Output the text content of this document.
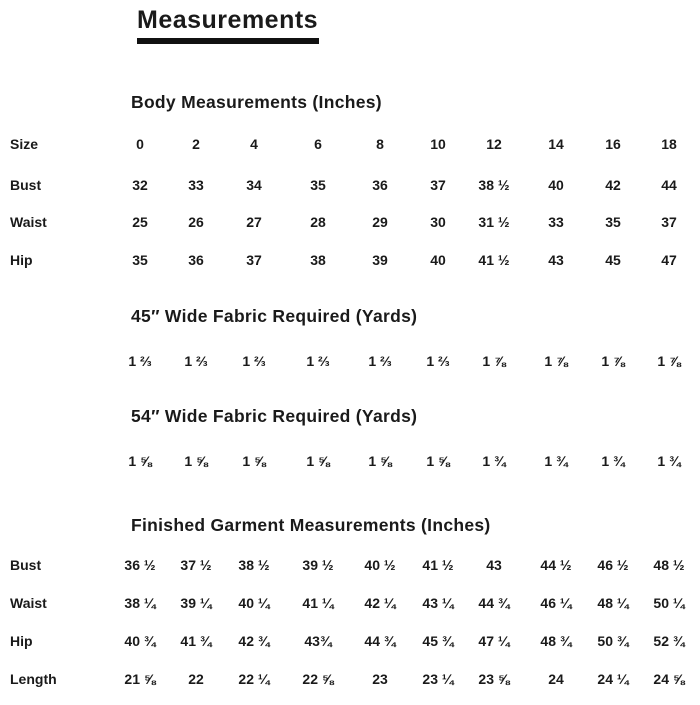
Measurements
Body Measurements (Inches)
Size	0	2	4	6	8	10	12	14	16	18
Bust	32	33	34	35	36	37	38 ½	40	42	44
Waist	25	26	27	28	29	30	31 ½	33	35	37
Hip	35	36	37	38	39	40	41 ½	43	45	47
45″ Wide Fabric Required (Yards)
1 ⅔	1 ⅔	1 ⅔	1 ⅔	1 ⅔	1 ⅔	1 ⅞	1 ⅞	1 ⅞	1 ⅞
54″ Wide Fabric Required (Yards)
1 ⅝	1 ⅝	1 ⅝	1 ⅝	1 ⅝	1 ⅝	1 ¾	1 ¾	1 ¾	1 ¾
Finished Garment Measurements (Inches)
Bust	36 ½	37 ½	38 ½	39 ½	40 ½	41 ½	43	44 ½	46 ½	48 ½
Waist	38 ¼	39 ¼	40 ¼	41 ¼	42 ¼	43 ¼	44 ¾	46 ¼	48 ¼	50 ¼
Hip	40 ¾	41 ¾	42 ¾	43¾	44 ¾	45 ¾	47 ¼	48 ¾	50 ¾	52 ¾
Length	21 ⅝	22	22 ¼	22 ⅝	23	23 ¼	23 ⅝	24	24 ¼	24 ⅝
